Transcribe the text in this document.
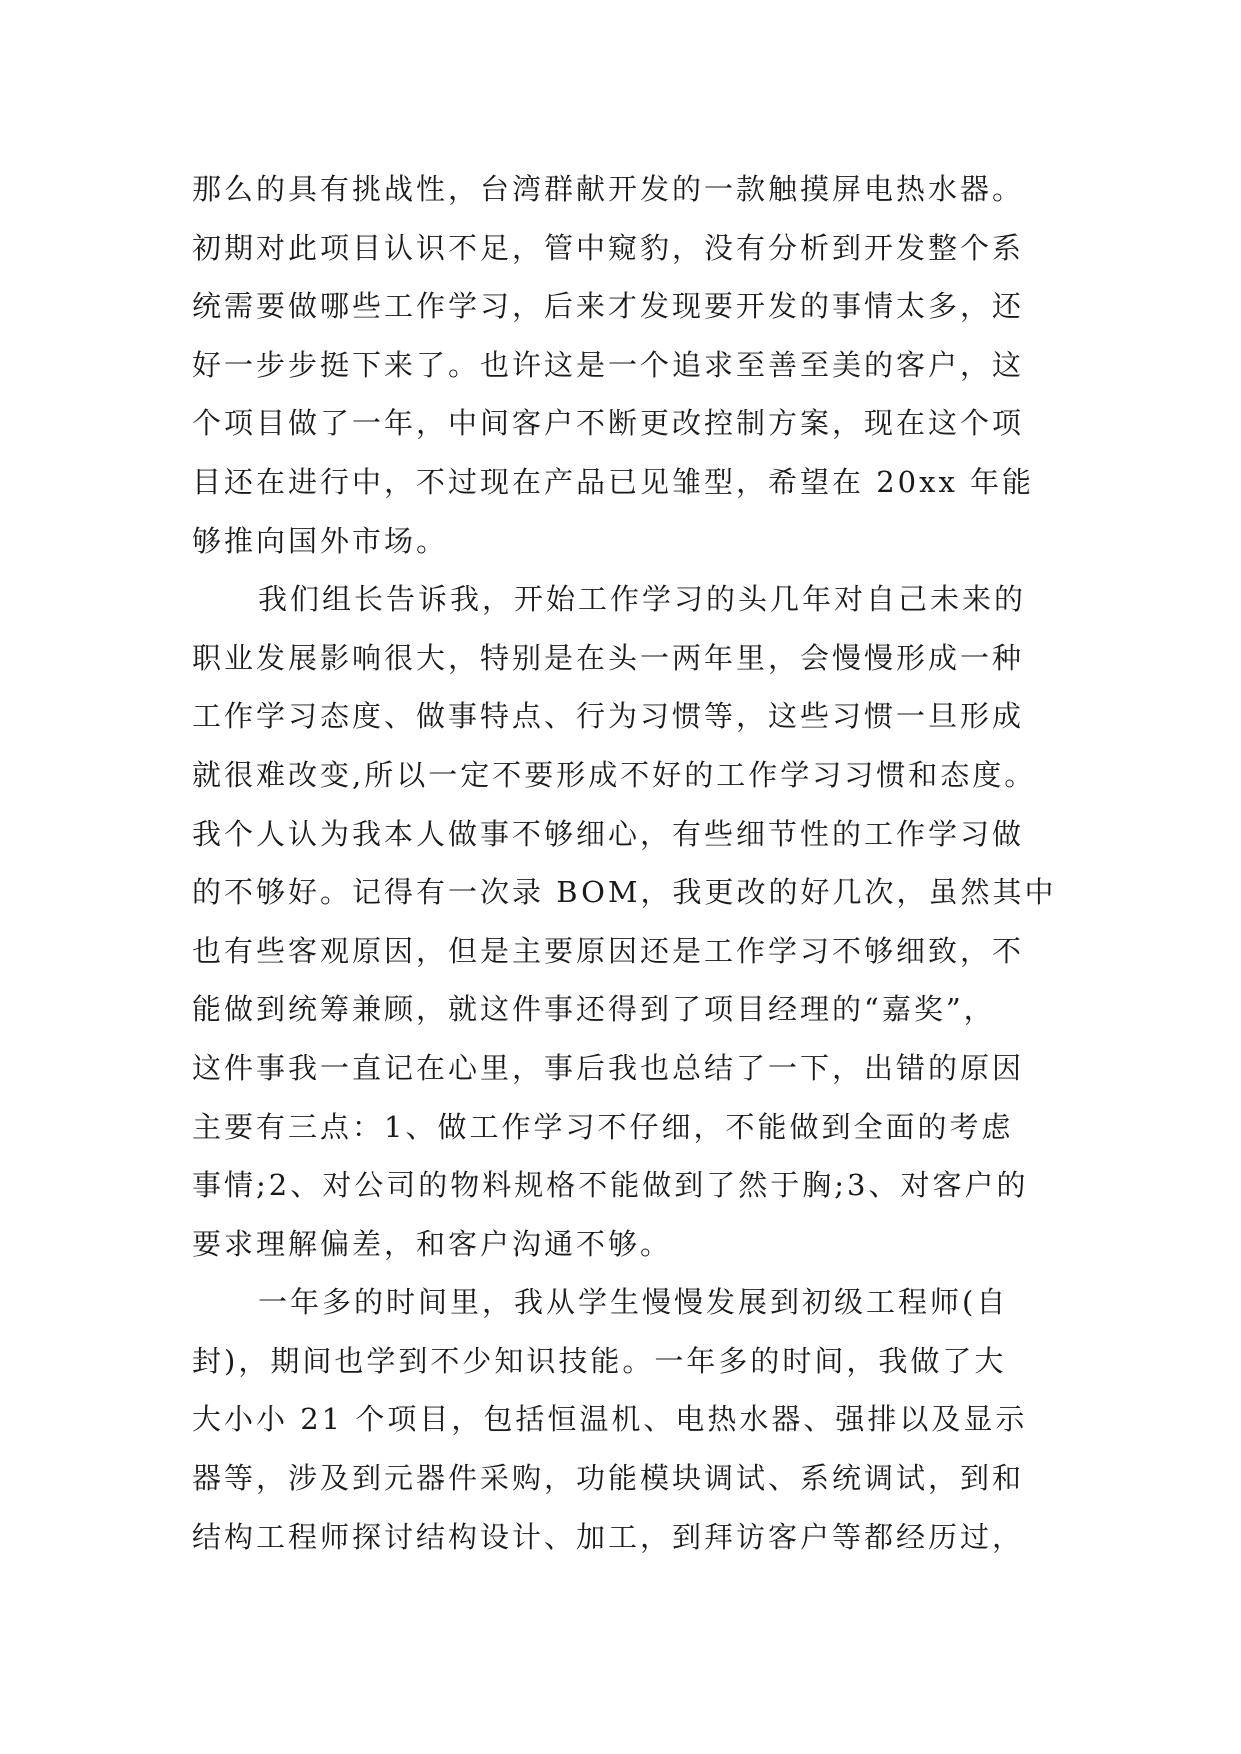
那么的具有挑战性，台湾群献开发的一款触摸屏电热水器。
初期对此项目认识不足，管中窥豹，没有分析到开发整个系
统需要做哪些工作学习，后来才发现要开发的事情太多，还
好一步步挺下来了。也许这是一个追求至善至美的客户，这
个项目做了一年，中间客户不断更改控制方案，现在这个项
目还在进行中，不过现在产品已见雏型，希望在 20xx 年能
够推向国外市场。
我们组长告诉我，开始工作学习的头几年对自己未来的
职业发展影响很大，特别是在头一两年里，会慢慢形成一种
工作学习态度、做事特点、行为习惯等，这些习惯一旦形成
就很难改变,所以一定不要形成不好的工作学习习惯和态度。
我个人认为我本人做事不够细心，有些细节性的工作学习做
的不够好。记得有一次录 BOM，我更改的好几次，虽然其中
也有些客观原因，但是主要原因还是工作学习不够细致，不
能做到统筹兼顾，就这件事还得到了项目经理的“嘉奖”，
这件事我一直记在心里，事后我也总结了一下，出错的原因
主要有三点：1、做工作学习不仔细，不能做到全面的考虑
事情;2、对公司的物料规格不能做到了然于胸;3、对客户的
要求理解偏差，和客户沟通不够。
一年多的时间里，我从学生慢慢发展到初级工程师(自
封)，期间也学到不少知识技能。一年多的时间，我做了大
大小小 21 个项目，包括恒温机、电热水器、强排以及显示
器等，涉及到元器件采购，功能模块调试、系统调试，到和
结构工程师探讨结构设计、加工，到拜访客户等都经历过，
